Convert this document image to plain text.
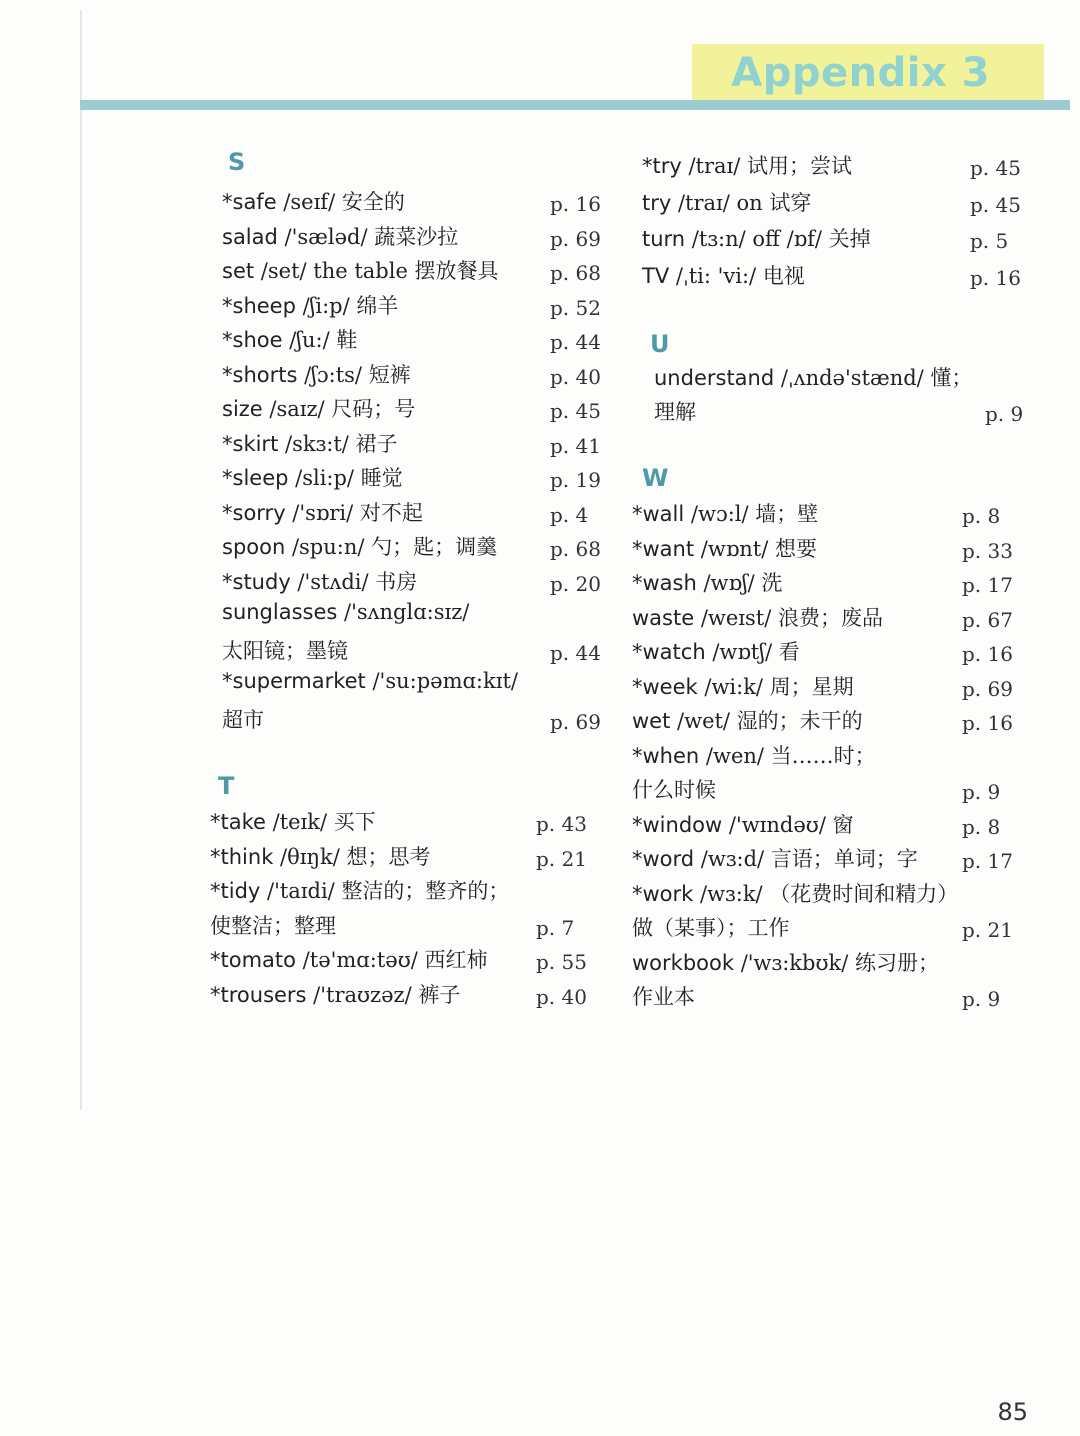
Appendix 3
S
*safe /seɪf/ 安全的	p. 16
salad /'sæləd/ 蔬菜沙拉	p. 69
set /set/ the table 摆放餐具	p. 68
*sheep /ʃi:p/ 绵羊	p. 52
*shoe /ʃu:/ 鞋	p. 44
*shorts /ʃɔ:ts/ 短裤	p. 40
size /saɪz/ 尺码；号	p. 45
*skirt /skɜ:t/ 裙子	p. 41
*sleep /sli:p/ 睡觉	p. 19
*sorry /'sɒri/ 对不起	p. 4
spoon /spu:n/ 勺；匙；调羹	p. 68
*study /'stʌdi/ 书房	p. 20
sunglasses /'sʌnglɑ:sɪz/
太阳镜；墨镜	p. 44
*supermarket /'su:pəmɑ:kɪt/
超市	p. 69
T
*take /teɪk/ 买下	p. 43
*think /θɪŋk/ 想；思考	p. 21
*tidy /'taɪdi/ 整洁的；整齐的；
使整洁；整理	p. 7
*tomato /tə'mɑ:təʊ/ 西红柿 p. 55
*trousers /'traʊzəz/ 裤子	p. 40
*try /traɪ/ 试用；尝试	p. 45
try /traɪ/ on 试穿	p. 45
turn /tɜ:n/ off /ɒf/ 关掉	p. 5
TV /ˌti: 'vi:/ 电视	p. 16
U
understand /ˌʌndə'stænd/ 懂；
理解	p. 9
W
*wall /wɔ:l/ 墙；壁	p. 8
*want /wɒnt/ 想要	p. 33
*wash /wɒʃ/ 洗	p. 17
waste /weɪst/ 浪费；废品	p. 67
*watch /wɒtʃ/ 看	p. 16
*week /wi:k/ 周；星期	p. 69
wet /wet/ 湿的；未干的	p. 16
*when /wen/ 当……时；
什么时候	p. 9
*window /'wɪndəʊ/ 窗	p. 8
*word /wɜ:d/ 言语；单词；字 p. 17
*work /wɜ:k/ （花费时间和精力）
做（某事）；工作	p. 21
workbook /'wɜ:kbʊk/ 练习册；
作业本	p. 9
85
